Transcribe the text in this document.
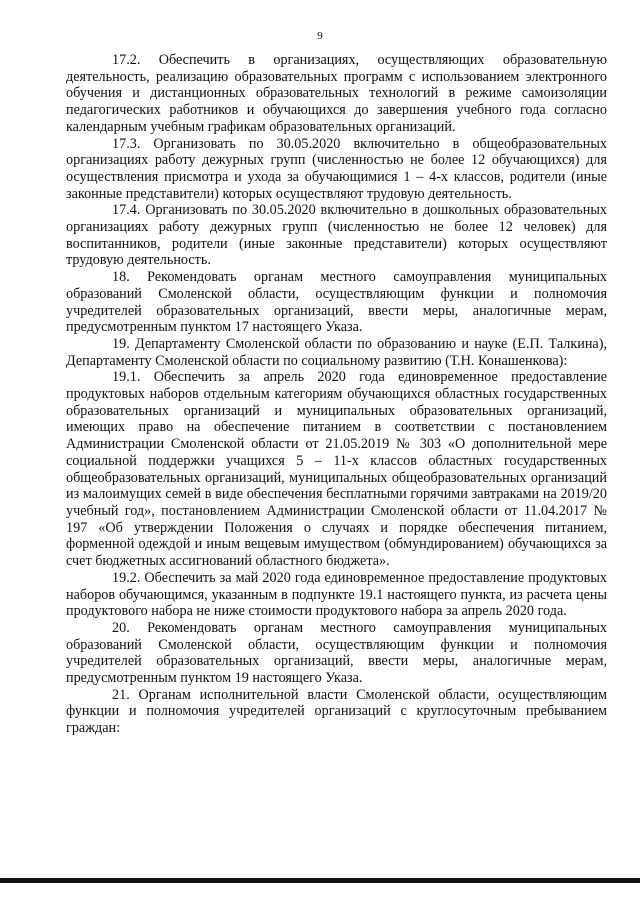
9

17.2. Обеспечить в организациях, осуществляющих образовательную деятельность, реализацию образовательных программ с использованием электронного обучения и дистанционных образовательных технологий в режиме самоизоляции педагогических работников и обучающихся до завершения учебного года согласно календарным учебным графикам образовательных организаций.

17.3. Организовать по 30.05.2020 включительно в общеобразовательных организациях работу дежурных групп (численностью не более 12 обучающихся) для осуществления присмотра и ухода за обучающимися 1 – 4-х классов, родители (иные законные представители) которых осуществляют трудовую деятельность.

17.4. Организовать по 30.05.2020 включительно в дошкольных образовательных организациях работу дежурных групп (численностью не более 12 человек) для воспитанников, родители (иные законные представители) которых осуществляют трудовую деятельность.

18. Рекомендовать органам местного самоуправления муниципальных образований Смоленской области, осуществляющим функции и полномочия учредителей образовательных организаций, ввести меры, аналогичные мерам, предусмотренным пунктом 17 настоящего Указа.

19. Департаменту Смоленской области по образованию и науке (Е.П. Талкина), Департаменту Смоленской области по социальному развитию (Т.Н. Конашенкова):

19.1. Обеспечить за апрель 2020 года единовременное предоставление продуктовых наборов отдельным категориям обучающихся областных государственных образовательных организаций и муниципальных образовательных организаций, имеющих право на обеспечение питанием в соответствии с постановлением Администрации Смоленской области от 21.05.2019 № 303 «О дополнительной мере социальной поддержки учащихся 5 – 11-х классов областных государственных общеобразовательных организаций, муниципальных общеобразовательных организаций из малоимущих семей в виде обеспечения бесплатными горячими завтраками на 2019/20 учебный год», постановлением Администрации Смоленской области от 11.04.2017 № 197 «Об утверждении Положения о случаях и порядке обеспечения питанием, форменной одеждой и иным вещевым имуществом (обмундированием) обучающихся за счет бюджетных ассигнований областного бюджета».

19.2. Обеспечить за май 2020 года единовременное предоставление продуктовых наборов обучающимся, указанным в подпункте 19.1 настоящего пункта, из расчета цены продуктового набора не ниже стоимости продуктового набора за апрель 2020 года.

20. Рекомендовать органам местного самоуправления муниципальных образований Смоленской области, осуществляющим функции и полномочия учредителей образовательных организаций, ввести меры, аналогичные мерам, предусмотренным пунктом 19 настоящего Указа.

21. Органам исполнительной власти Смоленской области, осуществляющим функции и полномочия учредителей организаций с круглосуточным пребыванием граждан:
